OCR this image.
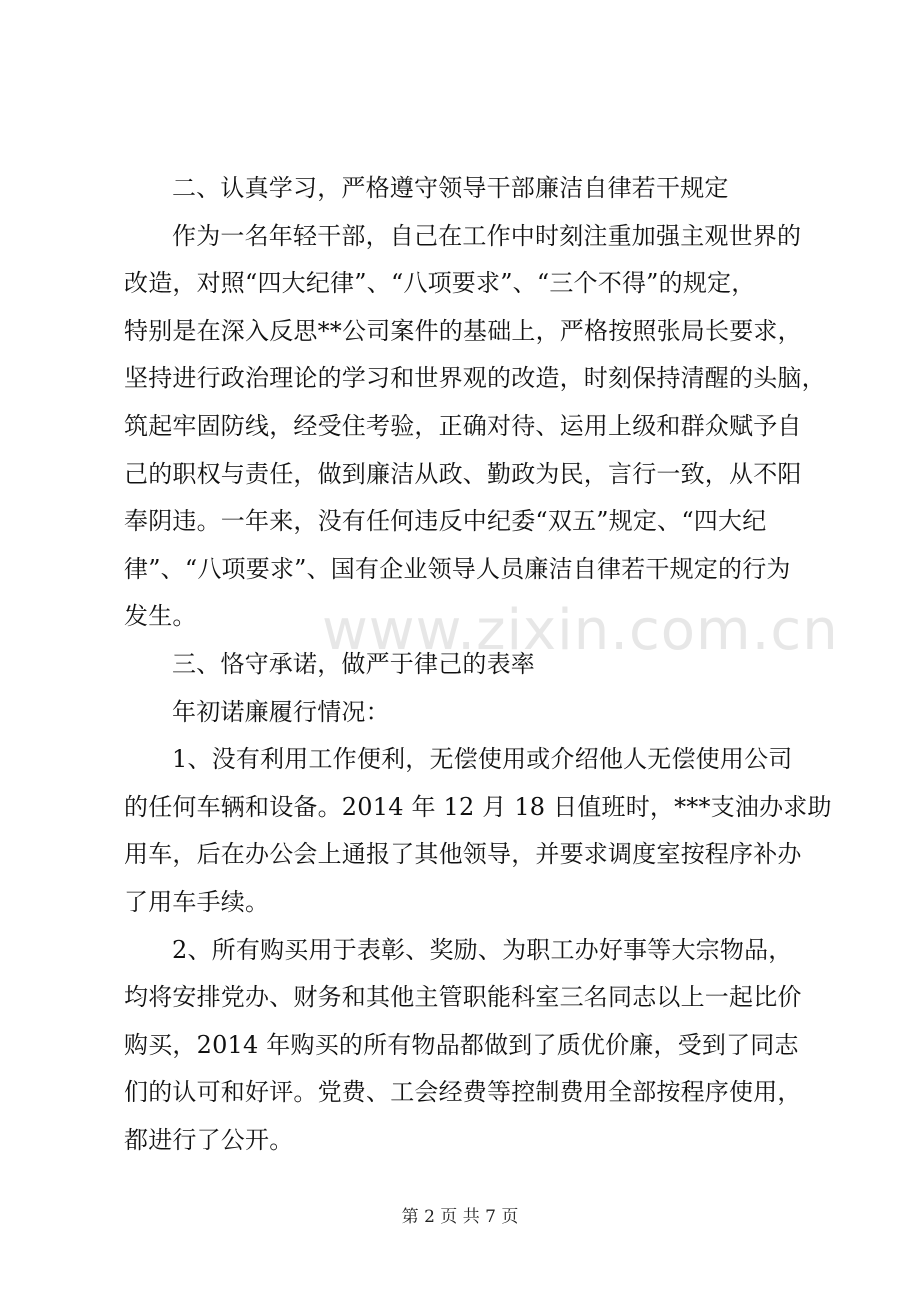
www.zixin.com.cn
二、认真学习，严格遵守领导干部廉洁自律若干规定
作为一名年轻干部，自己在工作中时刻注重加强主观世界的
改造，对照“四大纪律”、“八项要求”、“三个不得”的规定，
特别是在深入反思**公司案件的基础上，严格按照张局长要求，
坚持进行政治理论的学习和世界观的改造，时刻保持清醒的头脑，
筑起牢固防线，经受住考验，正确对待、运用上级和群众赋予自
己的职权与责任，做到廉洁从政、勤政为民，言行一致，从不阳
奉阴违。一年来，没有任何违反中纪委“双五”规定、“四大纪
律”、“八项要求”、国有企业领导人员廉洁自律若干规定的行为
发生。
三、恪守承诺，做严于律己的表率
年初诺廉履行情况：
1、没有利用工作便利，无偿使用或介绍他人无偿使用公司
的任何车辆和设备。2014 年 12 月 18 日值班时，***支油办求助
用车，后在办公会上通报了其他领导，并要求调度室按程序补办
了用车手续。
2、所有购买用于表彰、奖励、为职工办好事等大宗物品，
均将安排党办、财务和其他主管职能科室三名同志以上一起比价
购买，2014 年购买的所有物品都做到了质优价廉，受到了同志
们的认可和好评。党费、工会经费等控制费用全部按程序使用，
都进行了公开。
第 2 页 共 7 页
